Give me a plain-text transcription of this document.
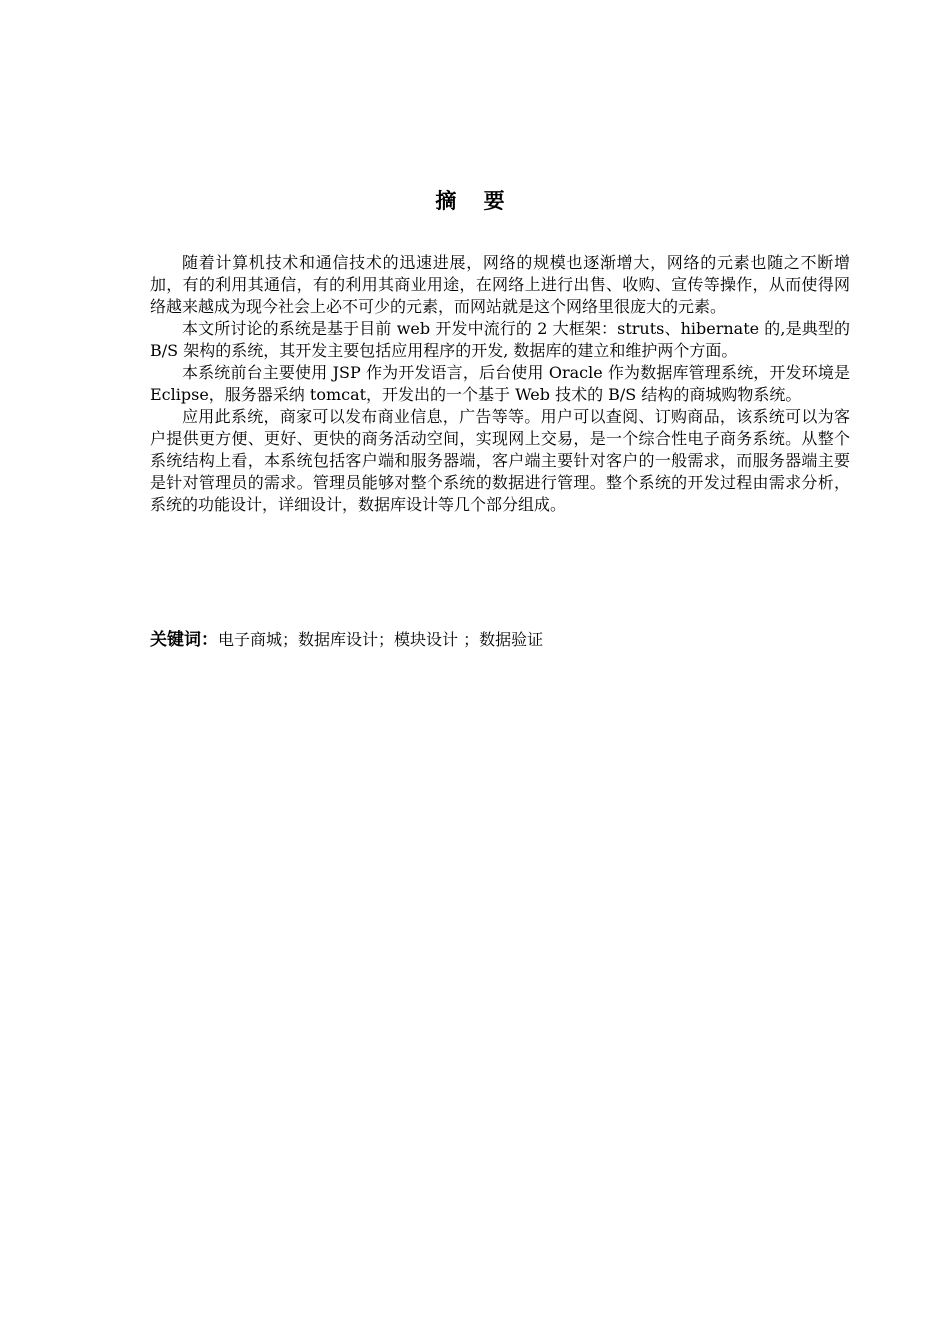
摘 要

随着计算机技术和通信技术的迅速进展，网络的规模也逐渐增大，网络的元素也随之不断增加，有的利用其通信，有的利用其商业用途，在网络上进行出售、收购、宣传等操作，从而使得网络越来越成为现今社会上必不可少的元素，而网站就是这个网络里很庞大的元素。

本文所讨论的系统是基于目前 web 开发中流行的 2 大框架：struts、hibernate 的,是典型的 B/S 架构的系统，其开发主要包括应用程序的开发, 数据库的建立和维护两个方面。

本系统前台主要使用 JSP 作为开发语言，后台使用 Oracle 作为数据库管理系统，开发环境是 Eclipse，服务器采纳 tomcat，开发出的一个基于 Web 技术的 B/S 结构的商城购物系统。

应用此系统，商家可以发布商业信息，广告等等。用户可以查阅、订购商品，该系统可以为客户提供更方便、更好、更快的商务活动空间，实现网上交易，是一个综合性电子商务系统。从整个系统结构上看，本系统包括客户端和服务器端，客户端主要针对客户的一般需求，而服务器端主要是针对管理员的需求。管理员能够对整个系统的数据进行管理。整个系统的开发过程由需求分析，系统的功能设计，详细设计，数据库设计等几个部分组成。

关键词：电子商城；数据库设计；模块设计 ；数据验证
